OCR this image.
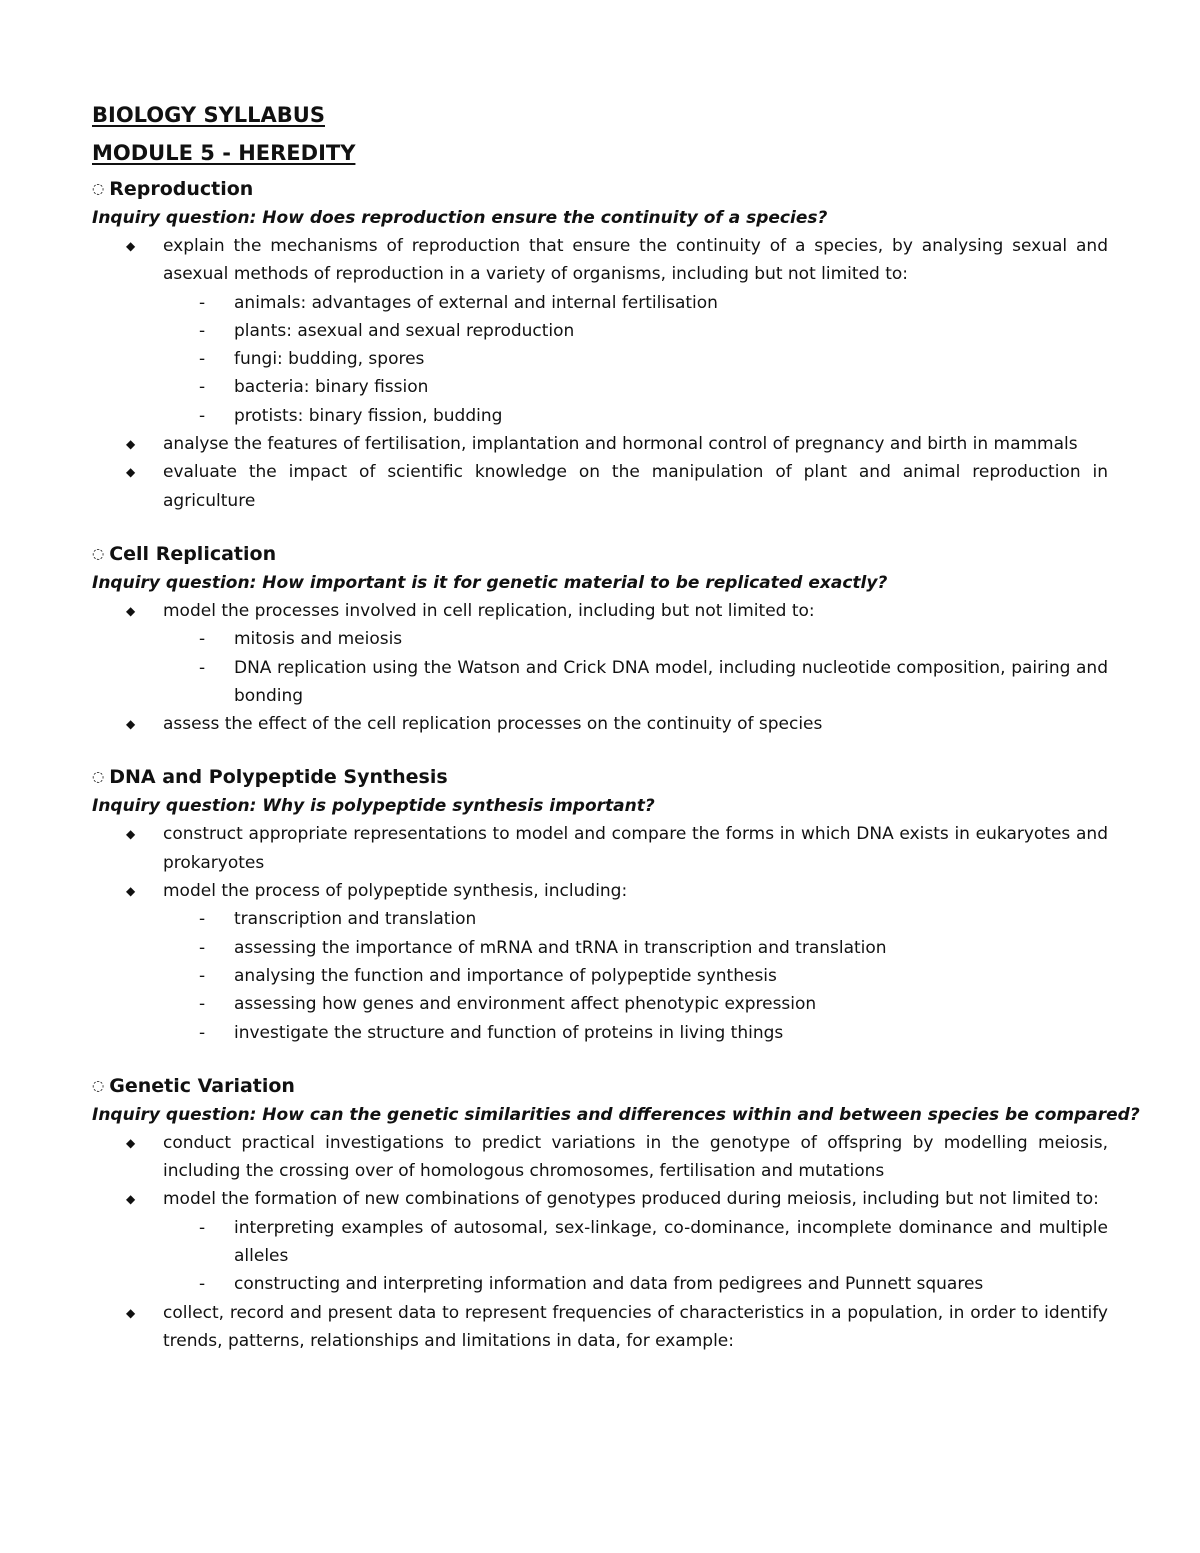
BIOLOGY SYLLABUS
MODULE 5 - HEREDITY
◌ Reproduction

Inquiry question: How does reproduction ensure the continuity of a species?

◆ explain the mechanisms of reproduction that ensure the continuity of a species, by analysing sexual and asexual methods of reproduction in a variety of organisms, including but not limited to:
- animals: advantages of external and internal fertilisation
- plants: asexual and sexual reproduction
- fungi: budding, spores
- bacteria: binary fission
- protists: binary fission, budding
◆ analyse the features of fertilisation, implantation and hormonal control of pregnancy and birth in mammals
◆ evaluate the impact of scientific knowledge on the manipulation of plant and animal reproduction in agriculture
◌ Cell Replication

Inquiry question: How important is it for genetic material to be replicated exactly?

◆ model the processes involved in cell replication, including but not limited to:
- mitosis and meiosis
- DNA replication using the Watson and Crick DNA model, including nucleotide composition, pairing and bonding
◆ assess the effect of the cell replication processes on the continuity of species
◌ DNA and Polypeptide Synthesis

Inquiry question: Why is polypeptide synthesis important?

◆ construct appropriate representations to model and compare the forms in which DNA exists in eukaryotes and prokaryotes
◆ model the process of polypeptide synthesis, including:
- transcription and translation
- assessing the importance of mRNA and tRNA in transcription and translation
- analysing the function and importance of polypeptide synthesis
- assessing how genes and environment affect phenotypic expression
- investigate the structure and function of proteins in living things
◌ Genetic Variation

Inquiry question: How can the genetic similarities and differences within and between species be compared?

◆ conduct practical investigations to predict variations in the genotype of offspring by modelling meiosis, including the crossing over of homologous chromosomes, fertilisation and mutations
◆ model the formation of new combinations of genotypes produced during meiosis, including but not limited to:
- interpreting examples of autosomal, sex-linkage, co-dominance, incomplete dominance and multiple alleles
- constructing and interpreting information and data from pedigrees and Punnett squares
◆ collect, record and present data to represent frequencies of characteristics in a population, in order to identify trends, patterns, relationships and limitations in data, for example:
